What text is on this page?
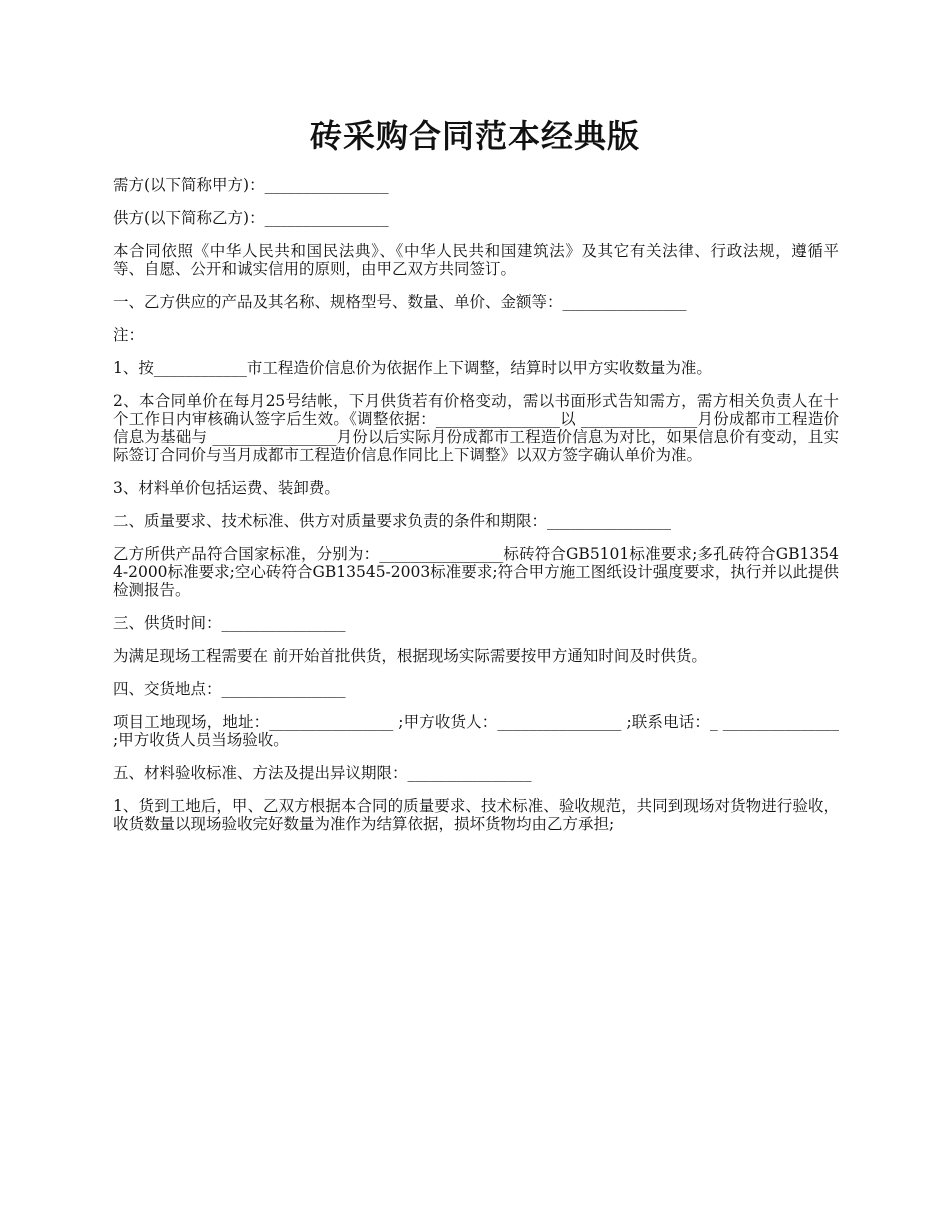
砖采购合同范本经典版

需方(以下简称甲方)：________________

供方(以下简称乙方)：________________

本合同依照《中华人民共和国民法典》、《中华人民共和国建筑法》及其它有关法律、行政法规，遵循平等、自愿、公开和诚实信用的原则，由甲乙双方共同签订。

一、乙方供应的产品及其名称、规格型号、数量、单价、金额等：________________

注：

1、按____________市工程造价信息价为依据作上下调整，结算时以甲方实收数量为准。

2、本合同单价在每月25号结帐，下月供货若有价格变动，需以书面形式告知需方，需方相关负责人在十个工作日内审核确认签字后生效。《调整依据：________________以 _______________月份成都市工程造价信息为基础与 ________________月份以后实际月份成都市工程造价信息为对比，如果信息价有变动，且实际签订合同价与当月成都市工程造价信息作同比上下调整》以双方签字确认单价为准。

3、材料单价包括运费、装卸费。

二、质量要求、技术标准、供方对质量要求负责的条件和期限：________________

乙方所供产品符合国家标准，分别为：________________标砖符合GB5101标准要求;多孔砖符合GB13544-2000标准要求;空心砖符合GB13545-2003标准要求;符合甲方施工图纸设计强度要求，执行并以此提供检测报告。

三、供货时间：________________

为满足现场工程需要在 前开始首批供货，根据现场实际需要按甲方通知时间及时供货。

四、交货地点：________________

项目工地现场，地址：________________ ;甲方收货人：________________ ;联系电话：_ _______________ ;甲方收货人员当场验收。

五、材料验收标准、方法及提出异议期限：________________

1、货到工地后，甲、乙双方根据本合同的质量要求、技术标准、验收规范，共同到现场对货物进行验收，收货数量以现场验收完好数量为准作为结算依据，损坏货物均由乙方承担;
